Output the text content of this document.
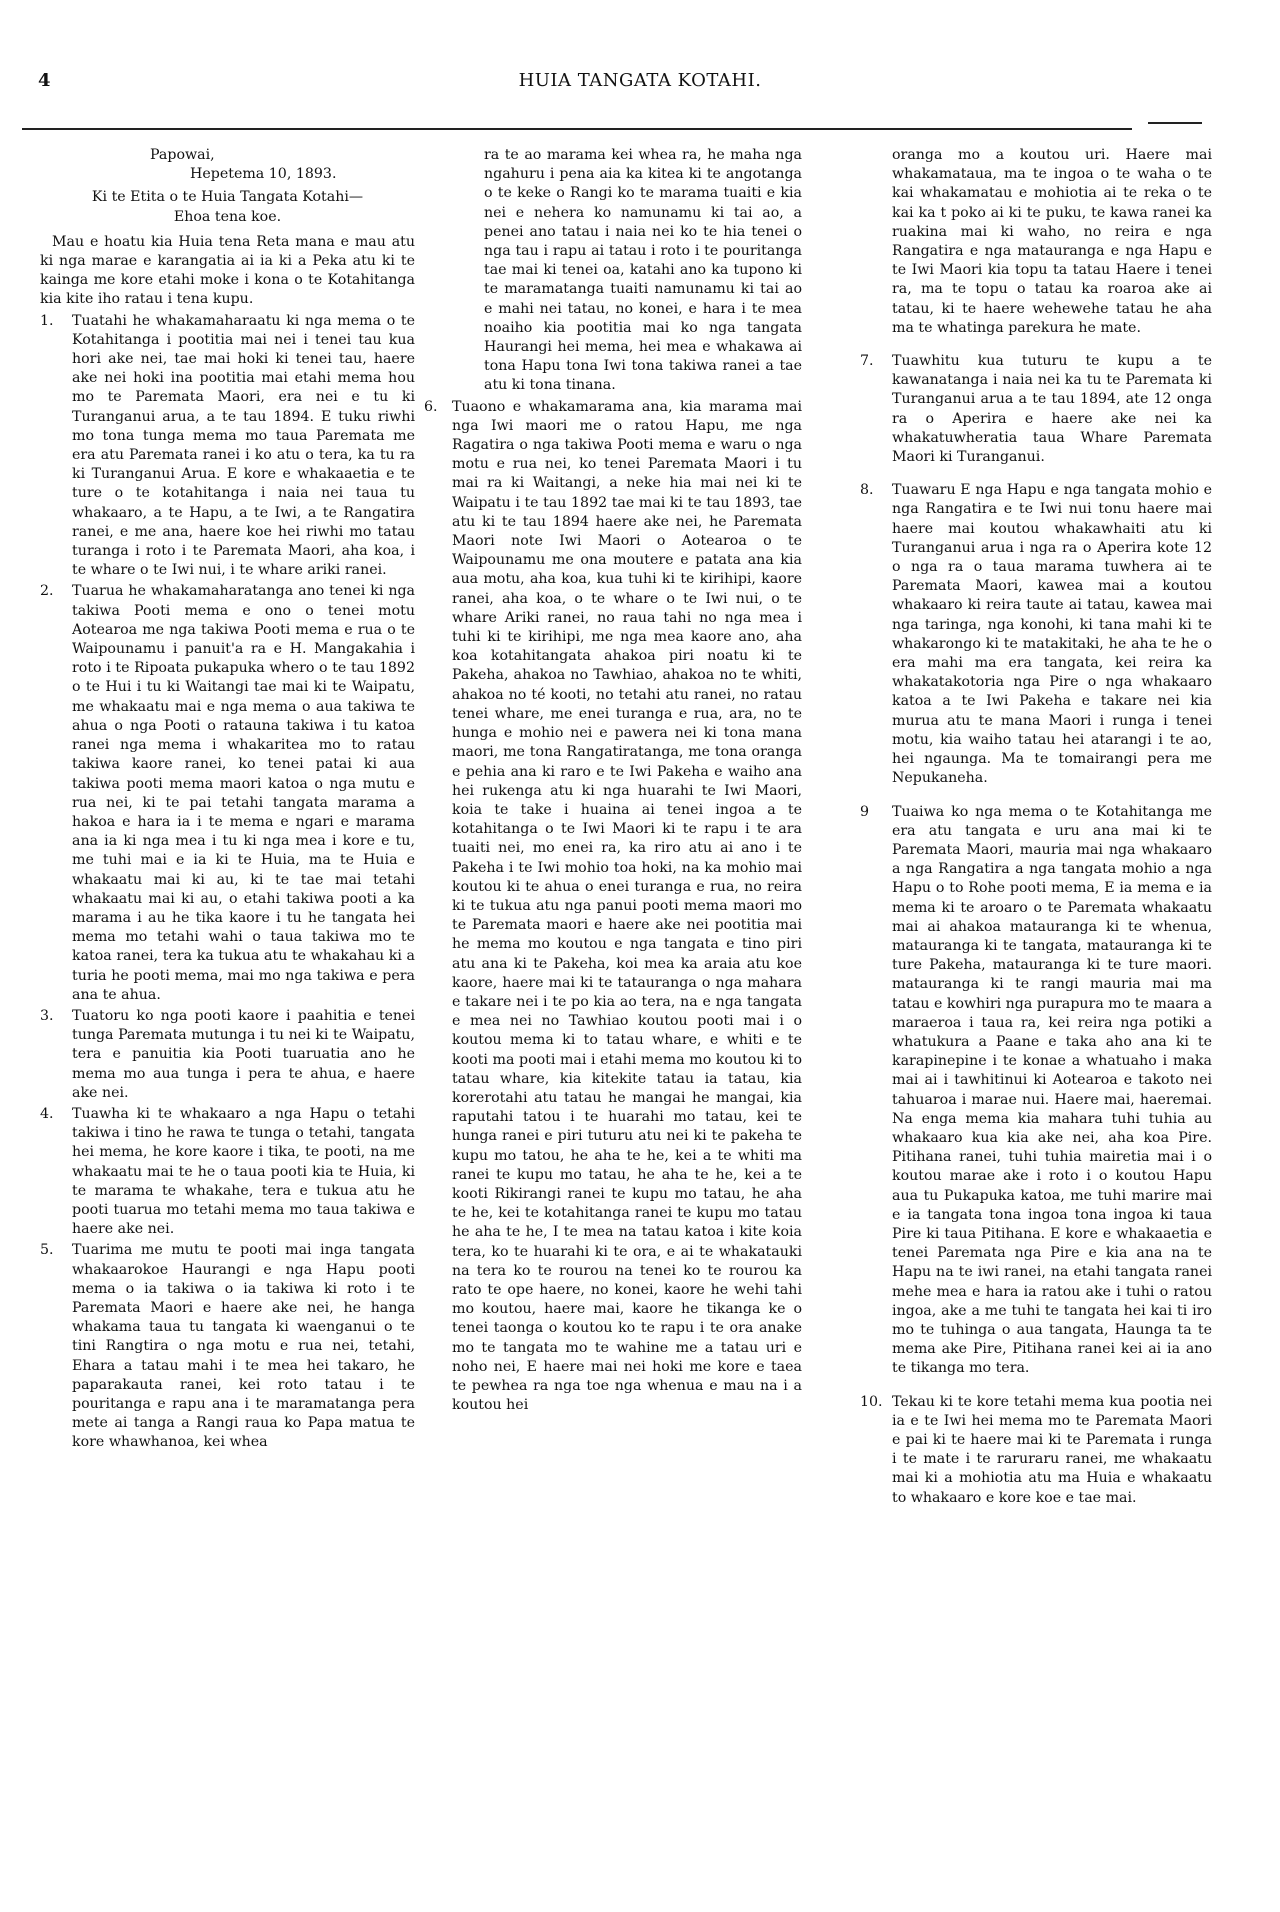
4	HUIA TANGATA KOTAHI.

Papowai,

Hepetema 10, 1893.

Ki te Etita o te Huia Tangata Kotahi—

Ehoa tena koe.

Mau e hoatu kia Huia tena Reta mana e mau atu ki nga marae e karangatia ai ia ki a Peka atu ki te kainga me kore etahi moke i kona o te Kotahitanga kia kite iho ratau i tena kupu.

1. Tuatahi he whakamaharaatu ki nga mema o te Kotahitanga i pootitia mai nei i tenei tau kua hori ake nei, tae mai hoki ki tenei tau, haere ake nei hoki ina pootitia mai etahi mema hou mo te Paremata Maori, era nei e tu ki Turanganui arua, a te tau 1894. E tuku riwhi mo tona tunga mema mo taua Paremata me era atu Paremata ranei i ko atu o tera, ka tu ra ki Turanganui Arua. E kore e whakaaetia e te ture o te kotahitanga i naia nei taua tu whakaaro, a te Hapu, a te Iwi, a te Rangatira ranei, e me ana, haere koe hei riwhi mo tatau turanga i roto i te Paremata Maori, aha koa, i te whare o te Iwi nui, i te whare ariki ranei.

2. Tuarua he whakamaharatanga ano tenei ki nga takiwa Pooti mema e ono o tenei motu Aotearoa me nga takiwa Pooti mema e rua o te Waipounamu i panuit'a ra e H. Mangakahia i roto i te Ripoata pukapuka whero o te tau 1892 o te Hui i tu ki Waitangi tae mai ki te Waipatu, me whakaatu mai e nga mema o aua takiwa te ahua o nga Pooti o ratauna takiwa i tu katoa ranei nga mema i whakaritea mo to ratau takiwa kaore ranei, ko tenei patai ki aua takiwa pooti mema maori katoa o nga mutu e rua nei, ki te pai tetahi tangata marama a hakoa e hara ia i te mema e ngari e marama ana ia ki nga mea i tu ki nga mea i kore e tu, me tuhi mai e ia ki te Huia, ma te Huia e whakaatu mai ki au, ki te tae mai tetahi whakaatu mai ki au, o etahi takiwa pooti a ka marama i au he tika kaore i tu he tangata hei mema mo tetahi wahi o taua takiwa mo te katoa ranei, tera ka tukua atu te whakahau ki a turia he pooti mema, mai mo nga takiwa e pera ana te ahua.

3. Tuatoru ko nga pooti kaore i paahitia e tenei tunga Paremata mutunga i tu nei ki te Waipatu, tera e panuitia kia Pooti tuaruatia ano he mema mo aua tunga i pera te ahua, e haere ake nei.

4. Tuawha ki te whakaaro a nga Hapu o tetahi takiwa i tino he rawa te tunga o tetahi, tangata hei mema, he kore kaore i tika, te pooti, na me whakaatu mai te he o taua pooti kia te Huia, ki te marama te whakahe, tera e tukua atu he pooti tuarua mo tetahi mema mo taua takiwa e haere ake nei.

5. Tuarima me mutu te pooti mai inga tangata whakaarokoe Haurangi e nga Hapu pooti mema o ia takiwa o ia takiwa ki roto i te Paremata Maori e haere ake nei, he hanga whakama taua tu tangata ki waenganui o te tini Rangtira o nga motu e rua nei, tetahi, Ehara a tatau mahi i te mea hei takaro, he paparakauta ranei, kei roto tatau i te pouritanga e rapu ana i te maramatanga pera mete ai tanga a Rangi raua ko Papa matua te kore whawhanoa, kei whea

ra te ao marama kei whea ra, he maha nga ngahuru i pena aia ka kitea ki te angotanga o te keke o Rangi ko te marama tuaiti e kia nei e nehera ko namunamu ki tai ao, a penei ano tatau i naia nei ko te hia tenei o nga tau i rapu ai tatau i roto i te pouritanga tae mai ki tenei oa, katahi ano ka tupono ki te maramatanga tuaiti namunamu ki tai ao e mahi nei tatau, no konei, e hara i te mea noaiho kia pootitia mai ko nga tangata Haurangi hei mema, hei mea e whakawa ai tona Hapu tona Iwi tona takiwa ranei a tae atu ki tona tinana.

6. Tuaono e whakamarama ana, kia marama mai nga Iwi maori me o ratou Hapu, me nga Ragatira o nga takiwa Pooti mema e waru o nga motu e rua nei, ko tenei Paremata Maori i tu mai ra ki Waitangi, a neke hia mai nei ki te Waipatu i te tau 1892 tae mai ki te tau 1893, tae atu ki te tau 1894 haere ake nei, he Paremata Maori note Iwi Maori o Aotearoa o te Waipounamu me ona moutere e patata ana kia aua motu, aha koa, kua tuhi ki te kirihipi, kaore ranei, aha koa, o te whare o te Iwi nui, o te whare Ariki ranei, no raua tahi no nga mea i tuhi ki te kirihipi, me nga mea kaore ano, aha koa kotahitangata ahakoa piri noatu ki te Pakeha, ahakoa no Tawhiao, ahakoa no te whiti, ahakoa no té kooti, no tetahi atu ranei, no ratau tenei whare, me enei turanga e rua, ara, no te hunga e mohio nei e pawera nei ki tona mana maori, me tona Rangatiratanga, me tona oranga e pehia ana ki raro e te Iwi Pakeha e waiho ana hei rukenga atu ki nga huarahi te Iwi Maori, koia te take i huaina ai tenei ingoa a te kotahitanga o te Iwi Maori ki te rapu i te ara tuaiti nei, mo enei ra, ka riro atu ai ano i te Pakeha i te Iwi mohio toa hoki, na ka mohio mai koutou ki te ahua o enei turanga e rua, no reira ki te tukua atu nga panui pooti mema maori mo te Paremata maori e haere ake nei pootitia mai he mema mo koutou e nga tangata e tino piri atu ana ki te Pakeha, koi mea ka araia atu koe kaore, haere mai ki te tataurangа o nga mahara e takare nei i te po kia ao tera, na e nga tangata e mea nei no Tawhiao koutou pooti mai i o koutou mema ki to tatau whare, e whiti e te kooti ma pooti mai i etahi mema mo koutou ki to tatau whare, kia kitekite tatau ia tatau, kia korerotahi atu tatau he mangai he mangai, kia raputahi tatou i te huarahi mo tatau, kei te hunga ranei e piri tuturu atu nei ki te pakeha te kupu mo tatou, he aha te he, kei a te whiti ma ranei te kupu mo tatau, he aha te he, kei a te kooti Rikirangi ranei te kupu mo tatau, he aha te he, kei te kotahitanga ranei te kupu mo tatau he aha te he, I te mea na tatau katoa i kite koia tera, ko te huarahi ki te ora, e ai te whakatauki na tera ko te rourou na tenei ko te rourou ka rato te ope haere, no konei, kaore he wehi tahi mo koutou, haere mai, kaore he tikanga ke o tenei taonga o koutou ko te rapu i te ora anake mo te tangata mo te wahine me a tatau uri e noho nei, E haere mai nei hoki me kore e taea te pewhea ra nga toe nga whenua e mau na i a koutou hei

oranga mo a koutou uri. Haere mai whakamataua, ma te ingoa o te waha o te kai whakamatau e mohiotia ai te reka o te kai ka t poko ai ki te puku, te kawa ranei ka ruakina mai ki waho, no reira e nga Rangatira e nga matauranga e nga Hapu e te Iwi Maori kia topu ta tatau Haere i tenei ra, ma te topu o tatau ka roaroa ake ai tatau, ki te haere wehewehe tatau he aha ma te whatinga parekura he mate.

7. Tuawhitu kua tuturu te kupu a te kawanatanga i naia nei ka tu te Paremata ki Turanganui arua a te tau 1894, ate 12 onga ra o Aperira e haere ake nei ka whakatuwheratia taua Whare Paremata Maori ki Turanganui.

8. Tuawaru E nga Hapu e nga tangata mohio e nga Rangatira e te Iwi nui tonu haere mai haere mai koutou whakawhaiti atu ki Turanganui arua i nga ra o Aperira kote 12 o nga ra o taua marama tuwhera ai te Paremata Maori, kawea mai a koutou whakaaro ki reira taute ai tatau, kawea mai nga taringa, nga konohi, ki tana mahi ki te whakarongo ki te matakitaki, he aha te he o era mahi ma era tangata, kei reira ka whakatakotoria nga Pire o nga whakaaro katoa a te Iwi Pakeha e takare nei kia murua atu te mana Maori i runga i tenei motu, kia waiho tatau hei atarangi i te ao, hei ngaunga. Ma te tomairangi pera me Nepukaneha.

9 Tuaiwa ko nga mema o te Kotahitanga me era atu tangata e uru ana mai ki te Paremata Maori, mauria mai nga whakaaro a nga Rangatira a nga tangata mohio a nga Hapu o to Rohe pooti mema, E ia mema e ia mema ki te aroaro o te Paremata whakaatu mai ai ahakoa matauranga ki te whenua, matauranga ki te tangata, matauranga ki te ture Pakeha, matauranga ki te ture maori. matauranga ki te rangi mauria mai ma tatau e kowhiri nga purapura mo te maara a maraeroa i taua ra, kei reira nga potiki a whatukura a Paane e taka aho ana ki te karapinepine i te konae a whatuaho i maka mai ai i tawhitinui ki Aotearoa e takoto nei tahuaroa i marae nui. Haere mai, haeremai. Na enga mema kia mahara tuhi tuhia au whakaaro kua kia ake nei, aha koa Pire. Pitihana ranei, tuhi tuhia mairetia mai i o koutou marae ake i roto i o koutou Hapu aua tu Pukapuka katoa, me tuhi marire mai e ia tangata tona ingoa tona ingoa ki taua Pire ki taua Pitihana. E kore e whakaaetia e tenei Paremata nga Pire e kia ana na te Hapu na te iwi ranei, na etahi tangata ranei mehe mea e hara ia ratou ake i tuhi o ratou ingoa, ake a me tuhi te tangata hei kai ti iro mo te tuhinga o aua tangata, Haunga ta te mema ake Pire, Pitihana ranei kei ai ia ano te tikanga mo tera.

10. Tekau ki te kore tetahi mema kua pootia nei ia e te Iwi hei mema mo te Paremata Maori e pai ki te haere mai ki te Paremata i runga i te mate i te raruraru ranei, me whakaatu mai ki a mohiotia atu ma Huia e whakaatu to whakaaro e kore koe e tae mai.
